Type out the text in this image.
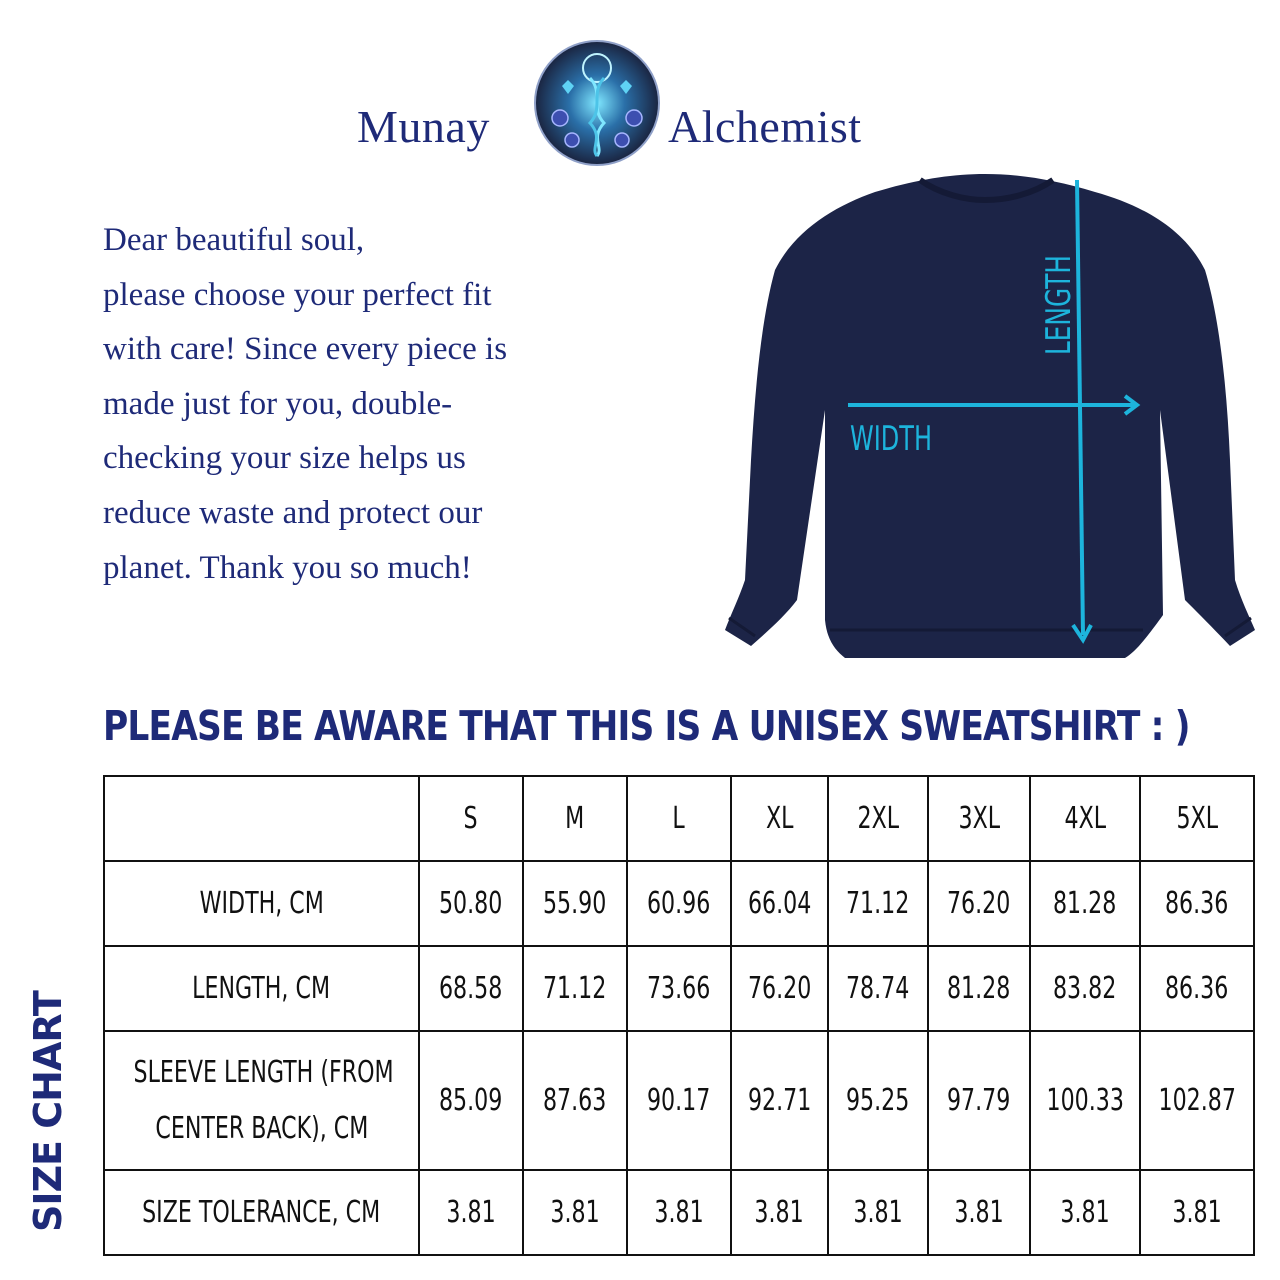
Munay	Alchemist
Dear beautiful soul,
please choose your perfect fit
with care! Since every piece is
made just for you, double-
checking your size helps us
reduce waste and protect our
planet. Thank you so much!
LENGTH
WIDTH
PLEASE BE AWARE THAT THIS IS A UNISEX SWEATSHIRT : )
SIZE CHART
	S	M	L	XL	2XL	3XL	4XL	5XL
WIDTH, CM	50.80	55.90	60.96	66.04	71.12	76.20	81.28	86.36
LENGTH, CM	68.58	71.12	73.66	76.20	78.74	81.28	83.82	86.36
SLEEVE LENGTH (FROM
CENTER BACK), CM	85.09	87.63	90.17	92.71	95.25	97.79	100.33	102.87
SIZE TOLERANCE, CM	3.81	3.81	3.81	3.81	3.81	3.81	3.81	3.81
